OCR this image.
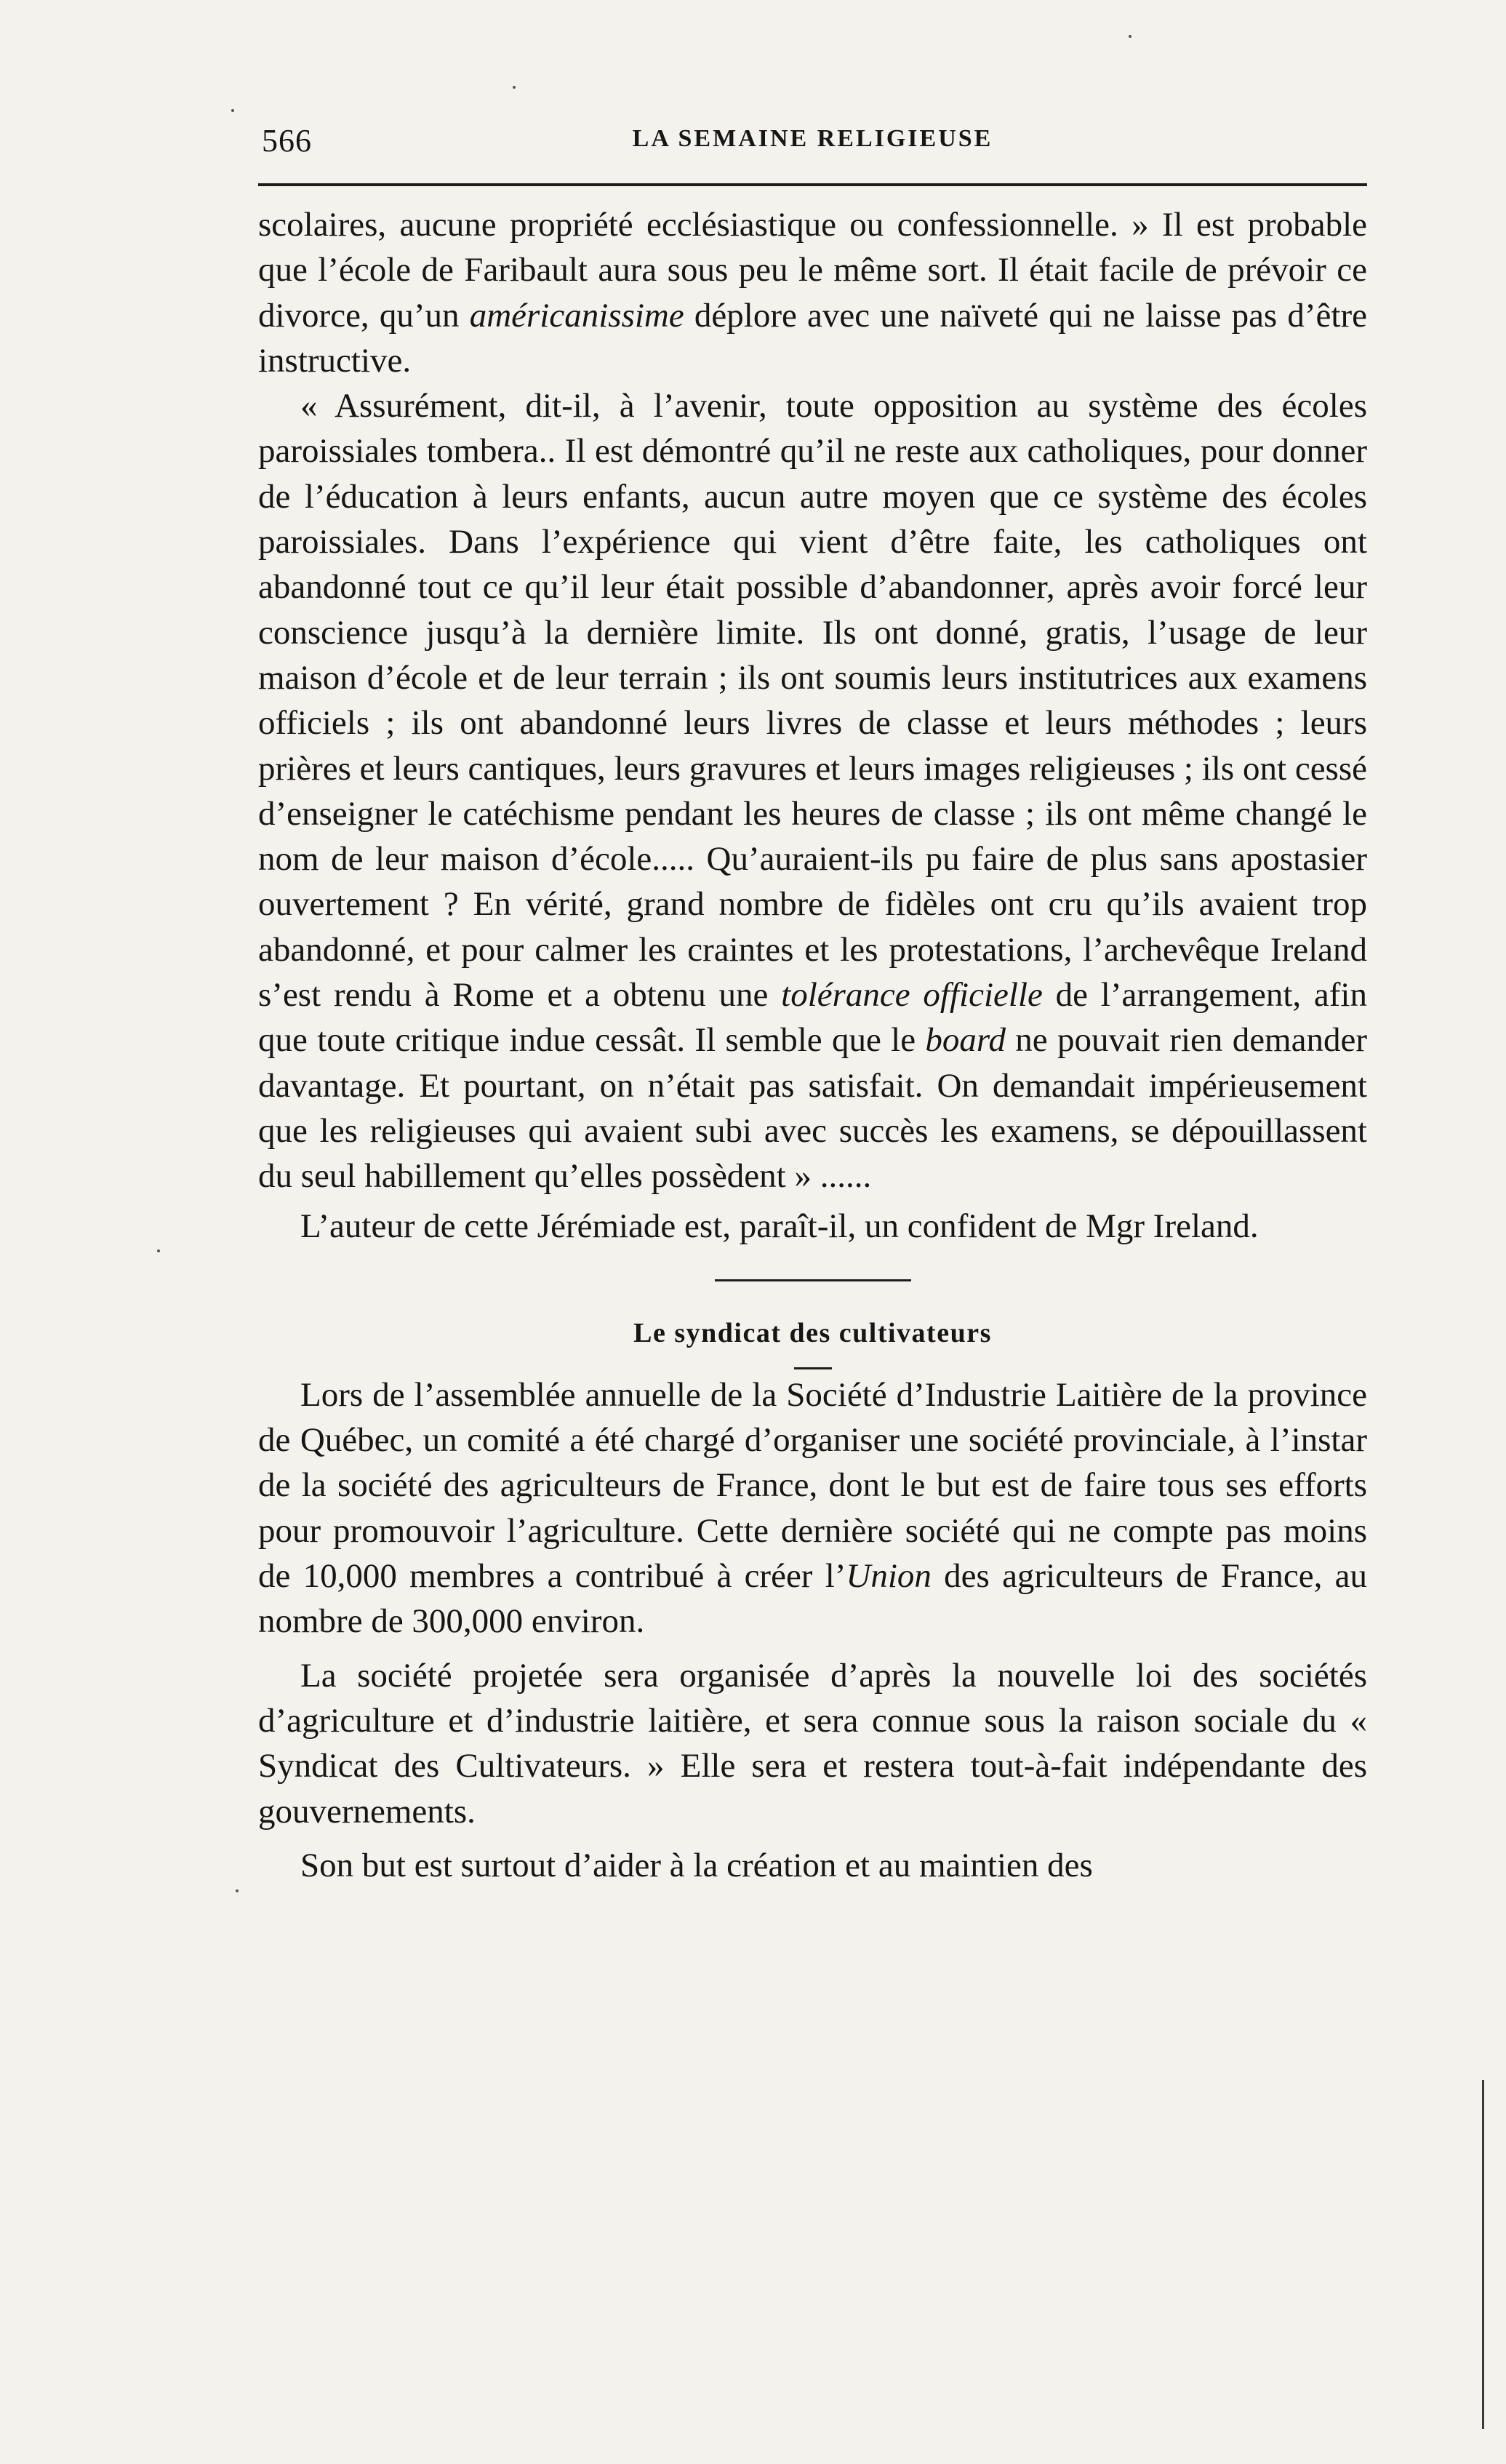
566	LA SEMAINE RELIGIEUSE

scolaires, aucune propriété ecclésiastique ou confessionnelle. » Il est probable que l’école de Faribault aura sous peu le même sort. Il était facile de prévoir ce divorce, qu’un américanissime déplore avec une naïveté qui ne laisse pas d’être instructive.

« Assurément, dit-il, à l’avenir, toute opposition au système des écoles paroissiales tombera.. Il est démontré qu’il ne reste aux catholiques, pour donner de l’éducation à leurs enfants, aucun autre moyen que ce système des écoles paroissiales. Dans l’expérience qui vient d’être faite, les catholiques ont abandonné tout ce qu’il leur était possible d’abandonner, après avoir forcé leur conscience jusqu’à la dernière limite. Ils ont donné, gratis, l’usage de leur maison d’école et de leur terrain ; ils ont soumis leurs institutrices aux examens officiels ; ils ont abandonné leurs livres de classe et leurs méthodes ; leurs prières et leurs cantiques, leurs gravures et leurs images religieuses ; ils ont cessé d’enseigner le catéchisme pendant les heures de classe ; ils ont même changé le nom de leur maison d’école..... Qu’auraient-ils pu faire de plus sans apostasier ouvertement ? En vérité, grand nombre de fidèles ont cru qu’ils avaient trop abandonné, et pour calmer les craintes et les protestations, l’archevêque Ireland s’est rendu à Rome et a obtenu une tolérance officielle de l’arrangement, afin que toute critique indue cessât. Il semble que le board ne pouvait rien demander davantage. Et pourtant, on n’était pas satisfait. On demandait impérieusement que les religieuses qui avaient subi avec succès les examens, se dépouillassent du seul habillement qu’elles possèdent » ......

L’auteur de cette Jérémiade est, paraît-il, un confident de Mgr Ireland.

Le syndicat des cultivateurs

Lors de l’assemblée annuelle de la Société d’Industrie Laitière de la province de Québec, un comité a été chargé d’organiser une société provinciale, à l’instar de la société des agriculteurs de France, dont le but est de faire tous ses efforts pour promouvoir l’agriculture. Cette dernière société qui ne compte pas moins de 10,000 membres a contribué à créer l’Union des agriculteurs de France, au nombre de 300,000 environ.

La société projetée sera organisée d’après la nouvelle loi des sociétés d’agriculture et d’industrie laitière, et sera connue sous la raison sociale du « Syndicat des Cultivateurs. » Elle sera et restera tout-à-fait indépendante des gouvernements.

Son but est surtout d’aider à la création et au maintien des
